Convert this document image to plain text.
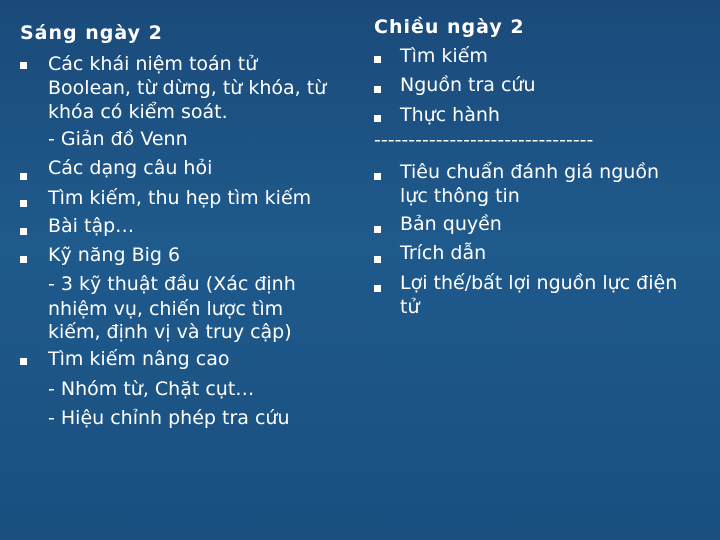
Sáng ngày 2
Các khái niệm toán tử
Boolean, từ dừng, từ khóa, từ
khóa có kiểm soát.
- Giản đồ Venn
Các dạng câu hỏi
Tìm kiếm, thu hẹp tìm kiếm
Bài tập…
Kỹ năng Big 6
- 3 kỹ thuật đầu (Xác định
nhiệm vụ, chiến lược tìm
kiếm, định vị và truy cập)
Tìm kiếm nâng cao
- Nhóm từ, Chặt cụt…
- Hiệu chỉnh phép tra cứu
Chiều ngày 2
Tìm kiếm
Nguồn tra cứu
Thực hành
--------------------------------
Tiêu chuẩn đánh giá nguồn
lực thông tin
Bản quyền
Trích dẫn
Lợi thế/bất lợi nguồn lực điện
tử
